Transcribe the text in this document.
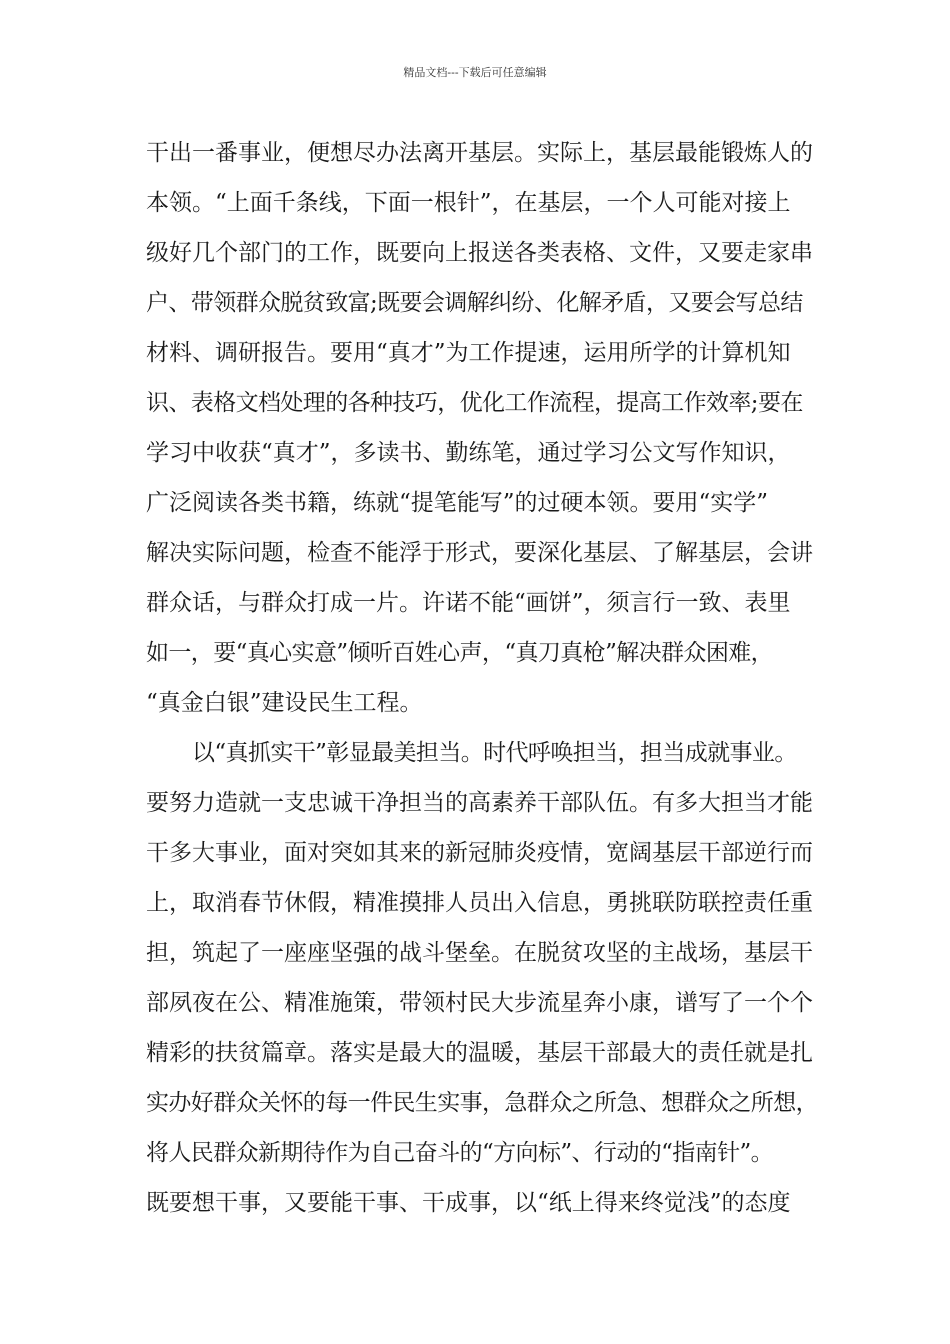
精品文档---下载后可任意编辑
干出一番事业，便想尽办法离开基层。实际上，基层最能锻炼人的
本领。“上面千条线，下面一根针”，在基层，一个人可能对接上
级好几个部门的工作，既要向上报送各类表格、文件，又要走家串
户、带领群众脱贫致富;既要会调解纠纷、化解矛盾，又要会写总结
材料、调研报告。要用“真才”为工作提速，运用所学的计算机知
识、表格文档处理的各种技巧，优化工作流程，提高工作效率;要在
学习中收获“真才”，多读书、勤练笔，通过学习公文写作知识，
广泛阅读各类书籍，练就“提笔能写”的过硬本领。要用“实学”
解决实际问题，检查不能浮于形式，要深化基层、了解基层，会讲
群众话，与群众打成一片。许诺不能“画饼”，须言行一致、表里
如一，要“真心实意”倾听百姓心声，“真刀真枪”解决群众困难，
“真金白银”建设民生工程。
以“真抓实干”彰显最美担当。时代呼唤担当，担当成就事业。
要努力造就一支忠诚干净担当的高素养干部队伍。有多大担当才能
干多大事业，面对突如其来的新冠肺炎疫情，宽阔基层干部逆行而
上，取消春节休假，精准摸排人员出入信息，勇挑联防联控责任重
担，筑起了一座座坚强的战斗堡垒。在脱贫攻坚的主战场，基层干
部夙夜在公、精准施策，带领村民大步流星奔小康，谱写了一个个
精彩的扶贫篇章。落实是最大的温暖，基层干部最大的责任就是扎
实办好群众关怀的每一件民生实事，急群众之所急、想群众之所想，
将人民群众新期待作为自己奋斗的“方向标”、行动的“指南针”。
既要想干事，又要能干事、干成事，以“纸上得来终觉浅”的态度
